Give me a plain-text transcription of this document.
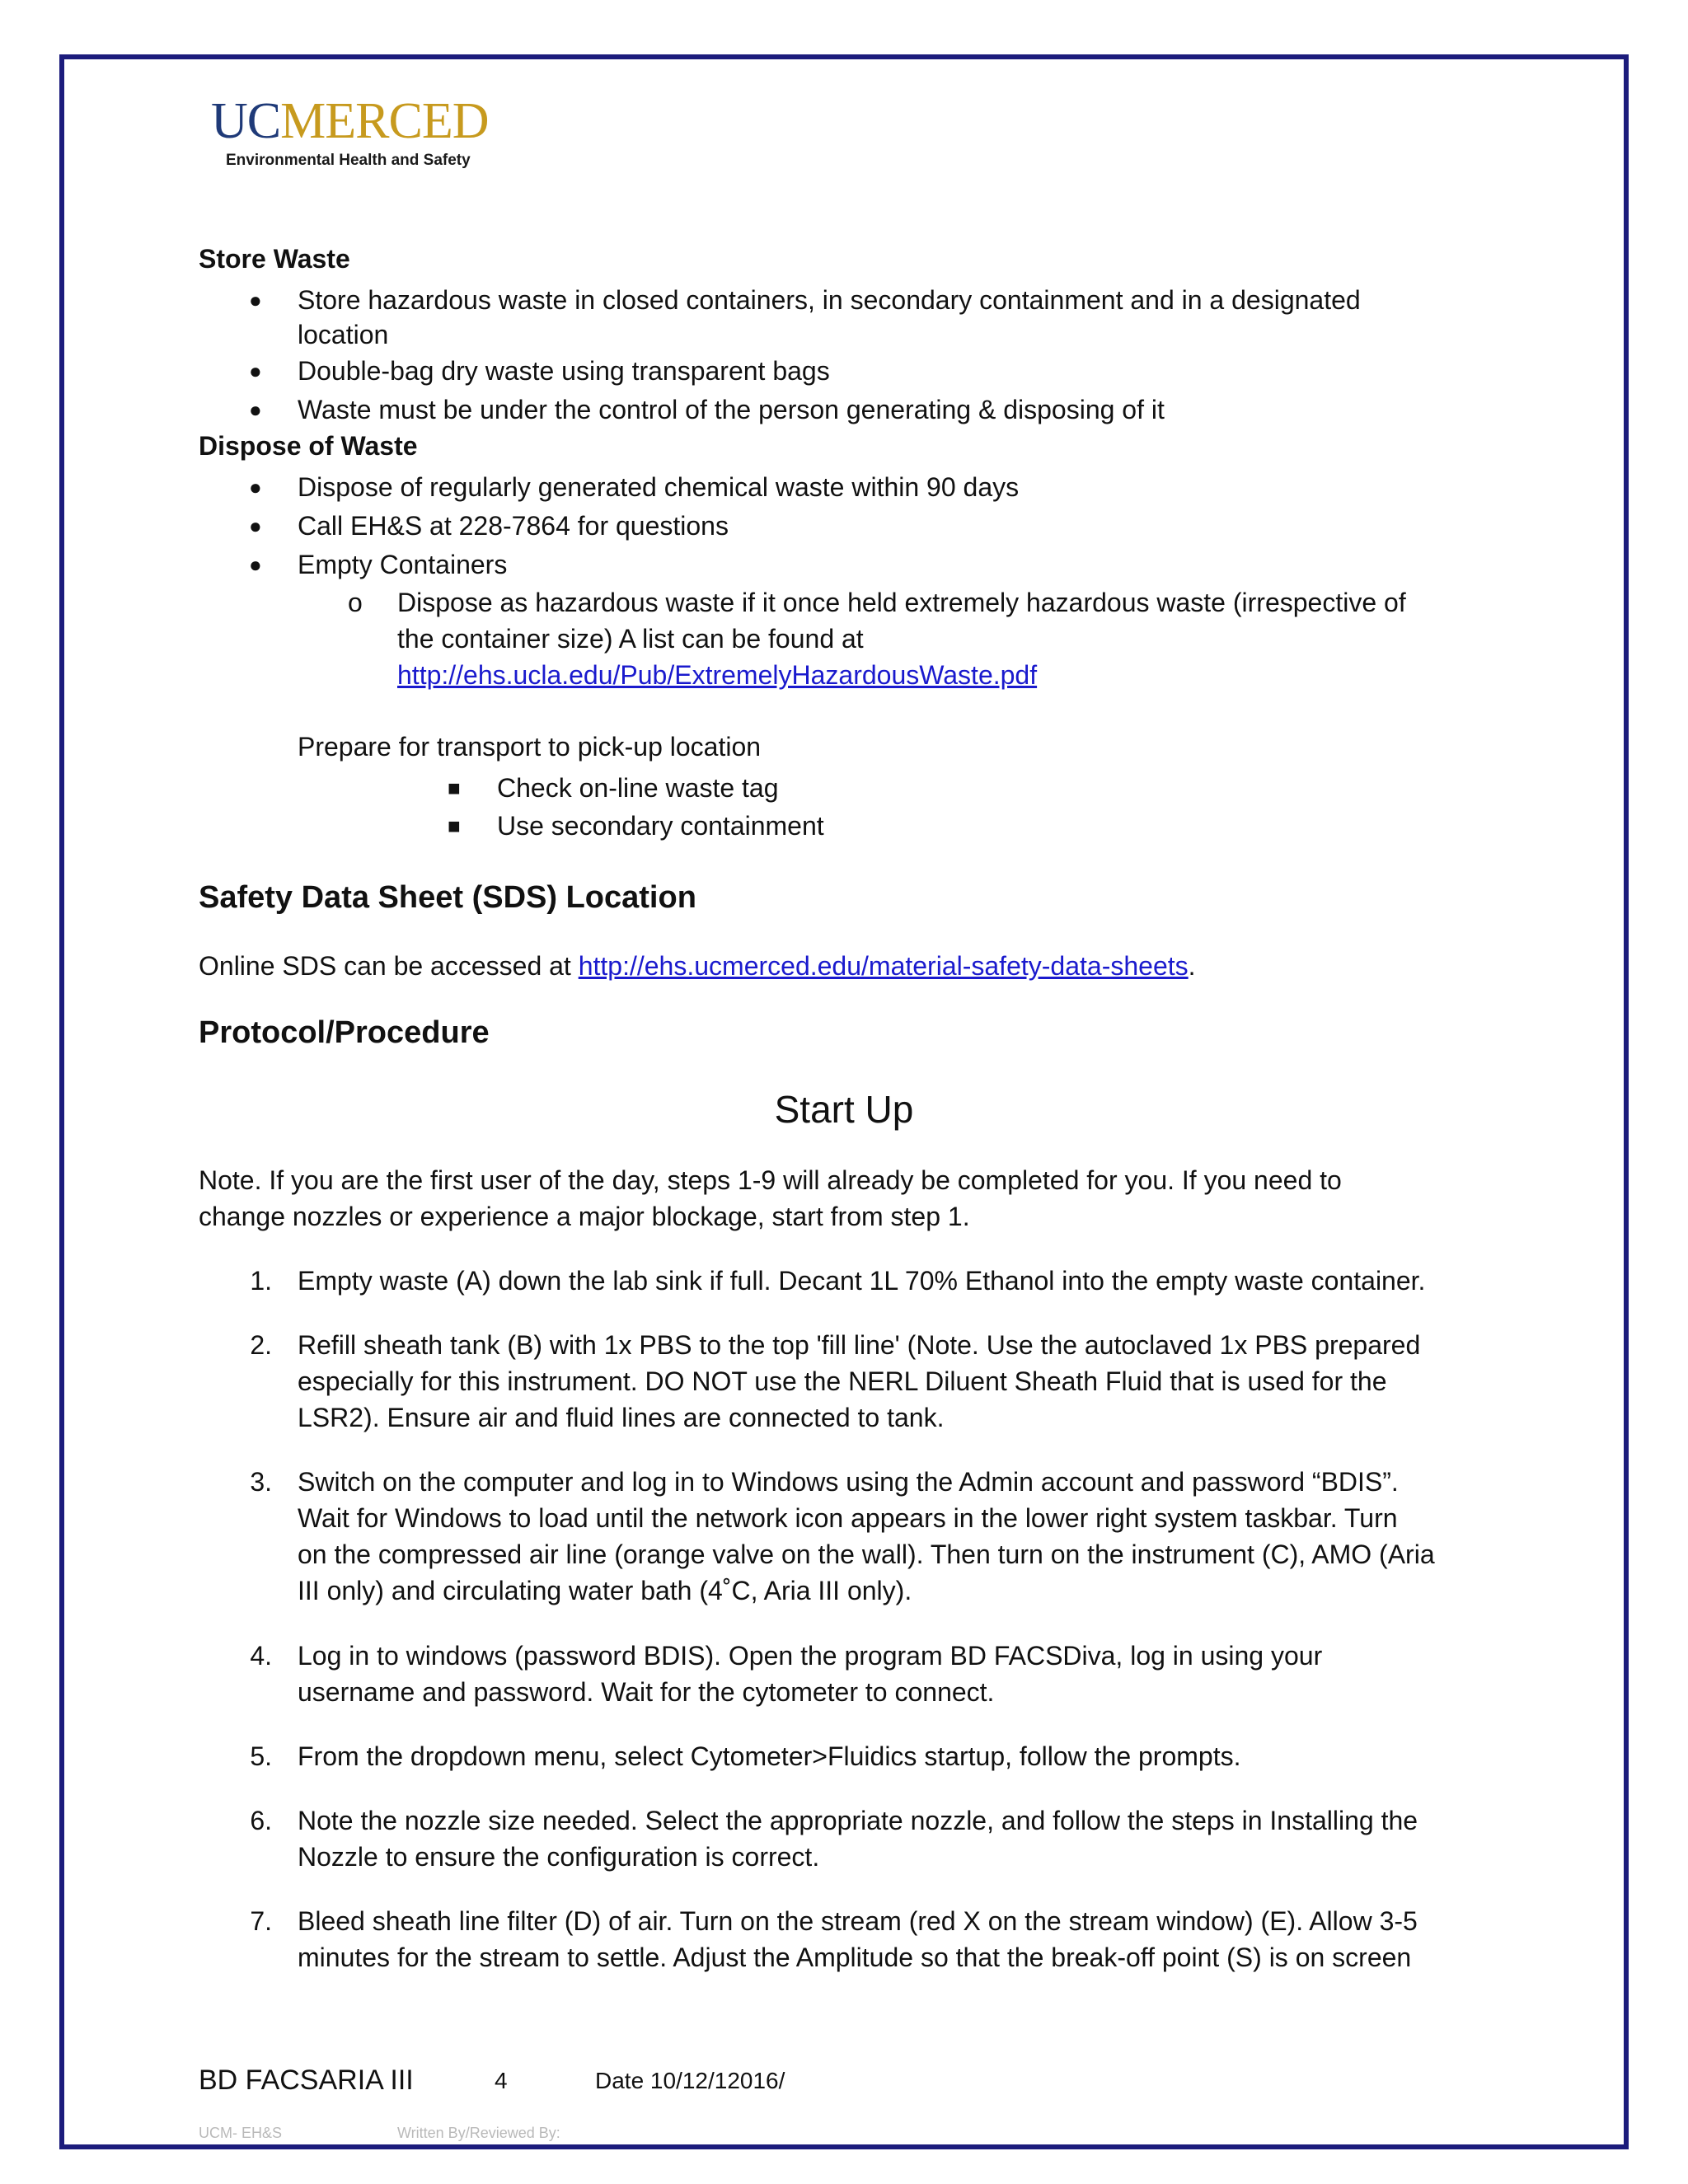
UCMERCED
Environmental Health and Safety
Store Waste
● Store hazardous waste in closed containers, in secondary containment and in a designated
location
● Double-bag dry waste using transparent bags
● Waste must be under the control of the person generating & disposing of it
Dispose of Waste
● Dispose of regularly generated chemical waste within 90 days
● Call EH&S at 228-7864 for questions
● Empty Containers
o Dispose as hazardous waste if it once held extremely hazardous waste (irrespective of
the container size) A list can be found at
http://ehs.ucla.edu/Pub/ExtremelyHazardousWaste.pdf
Prepare for transport to pick-up location
■ Check on-line waste tag
■ Use secondary containment
Safety Data Sheet (SDS) Location
Online SDS can be accessed at http://ehs.ucmerced.edu/material-safety-data-sheets.
Protocol/Procedure
Start Up
Note. If you are the first user of the day, steps 1-9 will already be completed for you. If you need to
change nozzles or experience a major blockage, start from step 1.
1. Empty waste (A) down the lab sink if full. Decant 1L 70% Ethanol into the empty waste container.
2. Refill sheath tank (B) with 1x PBS to the top 'fill line' (Note. Use the autoclaved 1x PBS prepared
especially for this instrument. DO NOT use the NERL Diluent Sheath Fluid that is used for the
LSR2). Ensure air and fluid lines are connected to tank.
3. Switch on the computer and log in to Windows using the Admin account and password “BDIS”.
Wait for Windows to load until the network icon appears in the lower right system taskbar. Turn
on the compressed air line (orange valve on the wall). Then turn on the instrument (C), AMO (Aria
III only) and circulating water bath (4˚C, Aria III only).
4. Log in to windows (password BDIS). Open the program BD FACSDiva, log in using your
username and password. Wait for the cytometer to connect.
5. From the dropdown menu, select Cytometer>Fluidics startup, follow the prompts.
6. Note the nozzle size needed. Select the appropriate nozzle, and follow the steps in Installing the
Nozzle to ensure the configuration is correct.
7. Bleed sheath line filter (D) of air. Turn on the stream (red X on the stream window) (E). Allow 3-5
minutes for the stream to settle. Adjust the Amplitude so that the break-off point (S) is on screen
BD FACSARIA III	4	Date 10/12/12016/
UCM- EH&S	Written By/Reviewed By:
